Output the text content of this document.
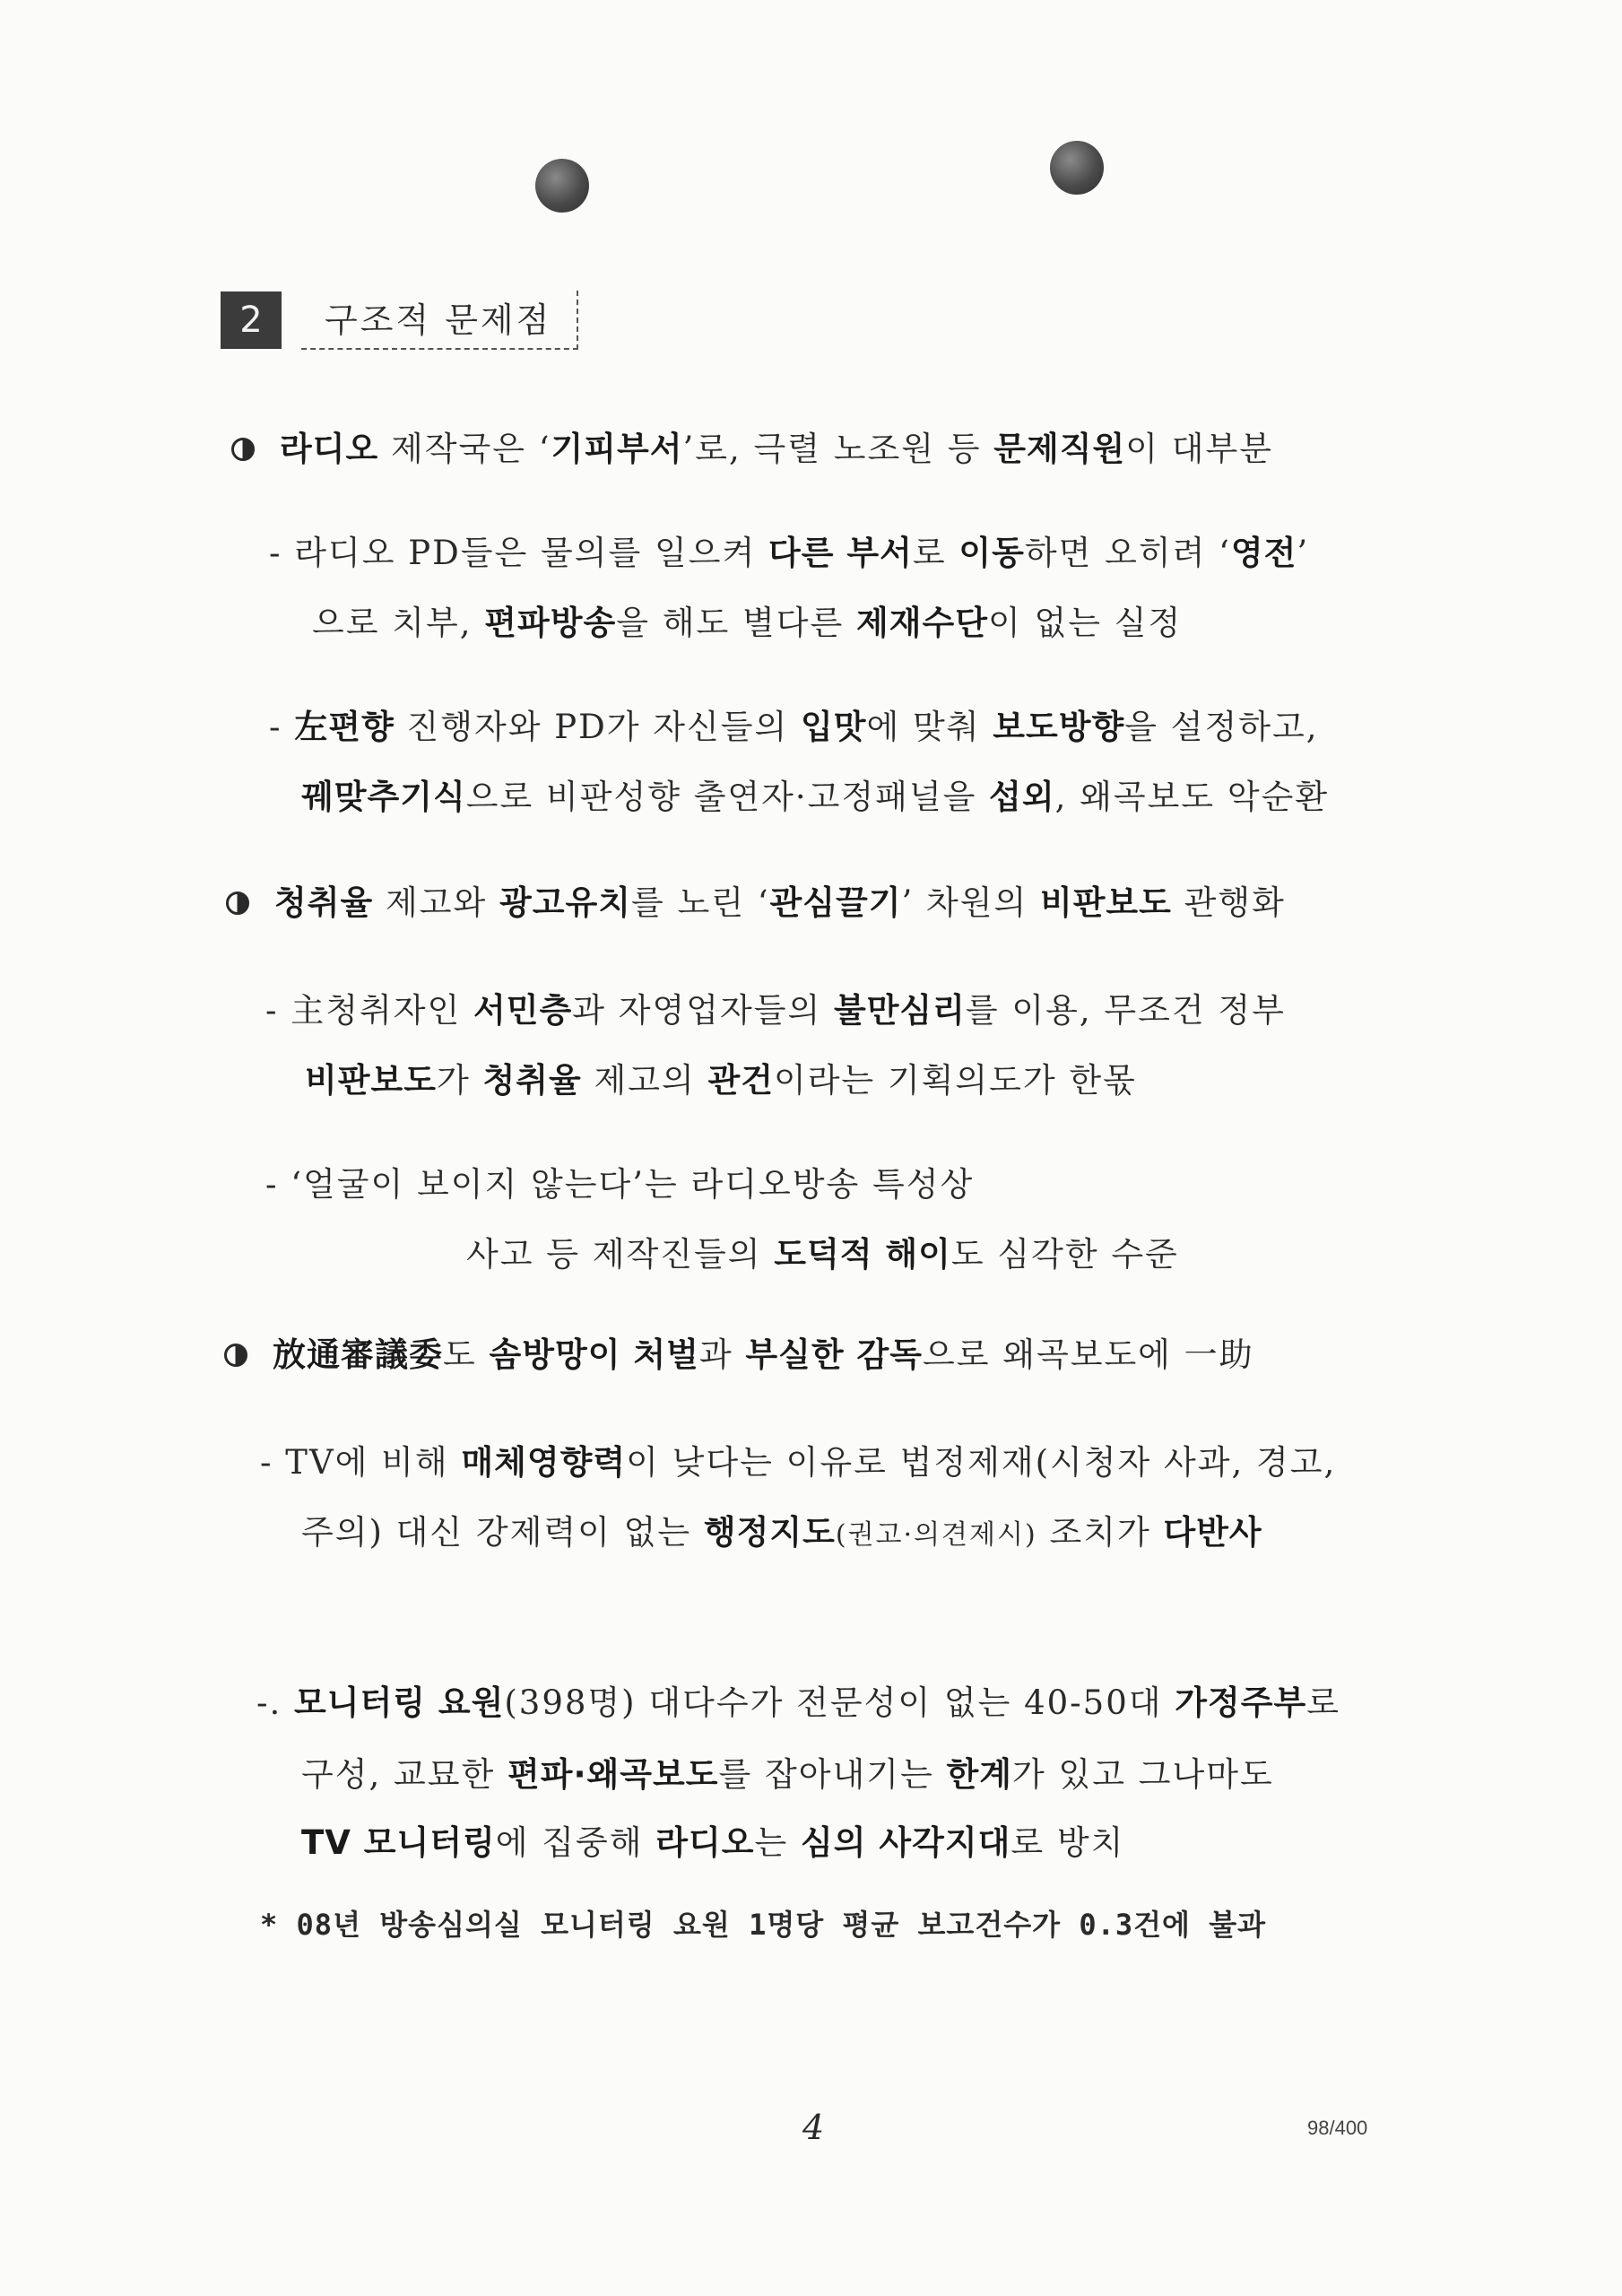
2	구조적 문제점
라디오 제작국은 ‘기피부서’로, 극렬 노조원 등 문제직원이 대부분
- 라디오 PD들은 물의를 일으켜 다른 부서로 이동하면 오히려 ‘영전’
으로 치부, 편파방송을 해도 별다른 제재수단이 없는 실정
- 左편향 진행자와 PD가 자신들의 입맛에 맞춰 보도방향을 설정하고,
꿰맞추기식으로 비판성향 출연자·고정패널을 섭외, 왜곡보도 악순환
청취율 제고와 광고유치를 노린 ‘관심끌기’ 차원의 비판보도 관행화
- 主청취자인 서민층과 자영업자들의 불만심리를 이용, 무조건 정부
비판보도가 청취율 제고의 관건이라는 기획의도가 한몫
- ‘얼굴이 보이지 않는다’는 라디오방송 특성상
사고 등 제작진들의 도덕적 해이도 심각한 수준
放通審議委도 솜방망이 처벌과 부실한 감독으로 왜곡보도에 一助
- TV에 비해 매체영향력이 낮다는 이유로 법정제재(시청자 사과, 경고,
주의) 대신 강제력이 없는 행정지도(권고·의견제시) 조치가 다반사
-. 모니터링 요원(398명) 대다수가 전문성이 없는 40-50대 가정주부로
구성, 교묘한 편파·왜곡보도를 잡아내기는 한계가 있고 그나마도
TV 모니터링에 집중해 라디오는 심의 사각지대로 방치
* 08년 방송심의실 모니터링 요원 1명당 평균 보고건수가 0.3건에 불과
4	98/400
